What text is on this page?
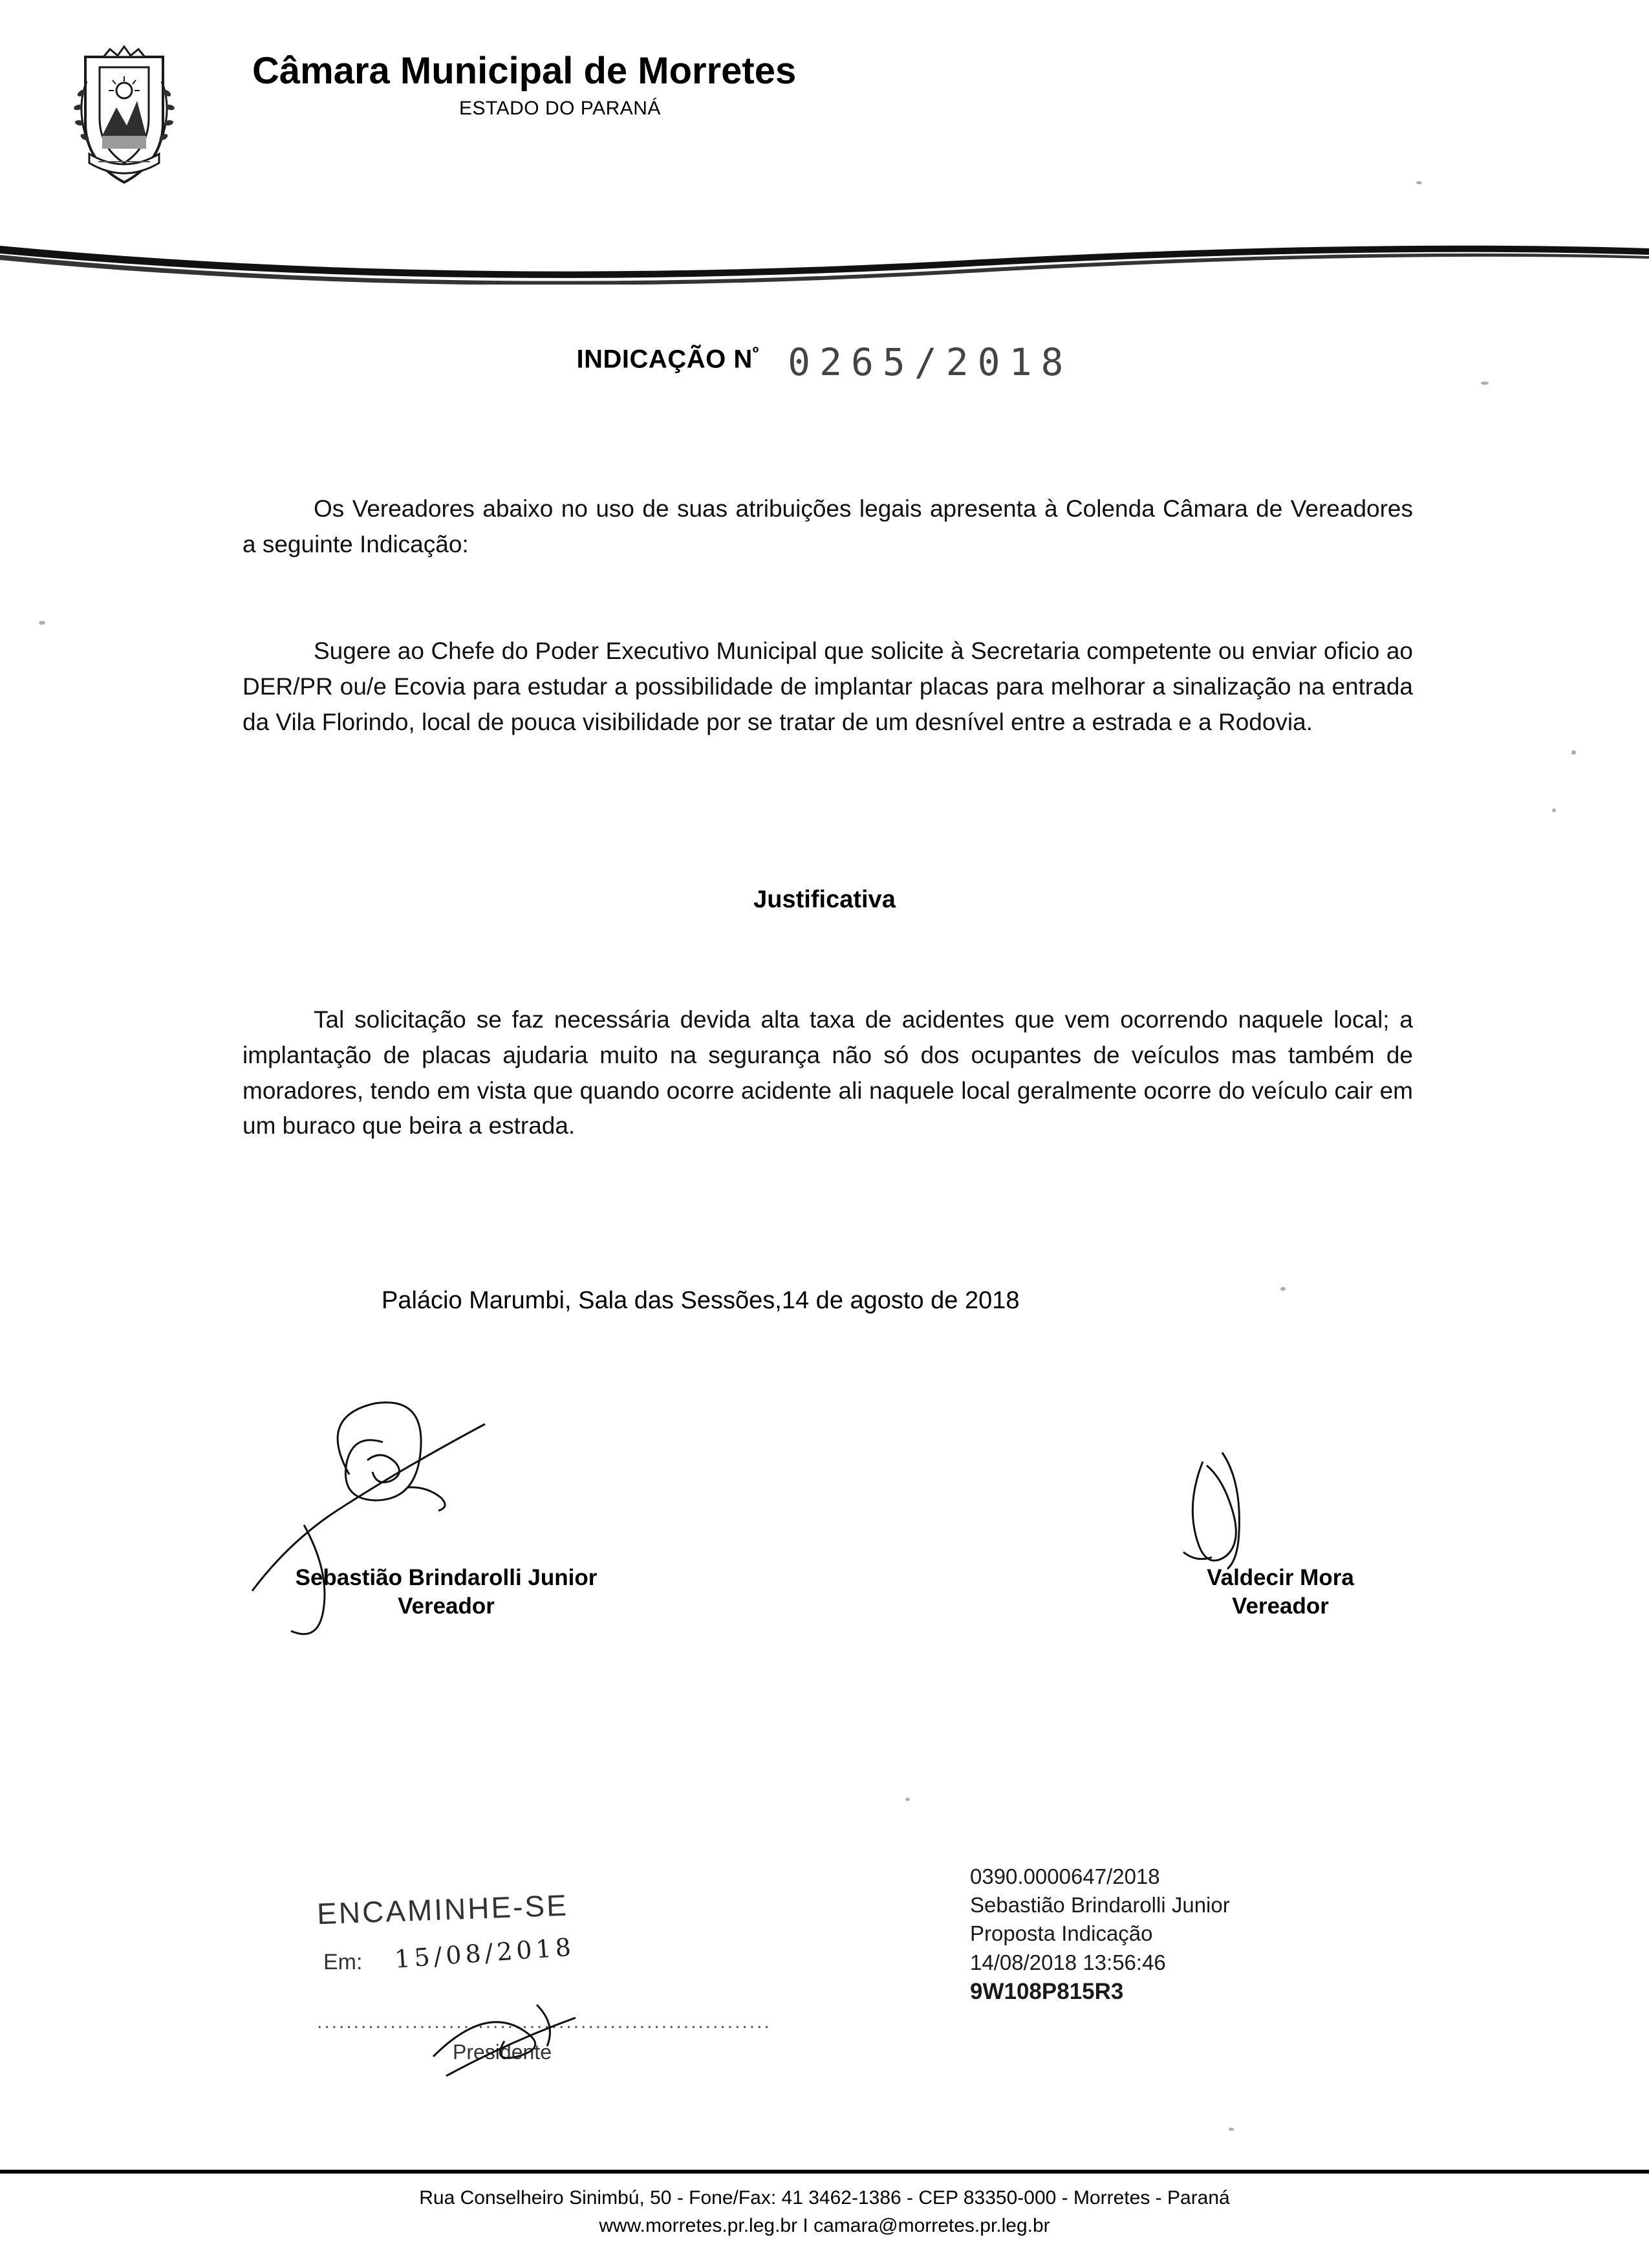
Câmara Municipal de Morretes
ESTADO DO PARANÁ
INDICAÇÃO $N^º$ 0265/2018
Os Vereadores abaixo no uso de suas atribuições legais apresenta à Colenda Câmara de Vereadores a seguinte Indicação:
Sugere ao Chefe do Poder Executivo Municipal que solicite à Secretaria competente ou enviar oficio ao DER/PR ou/e Ecovia para estudar a possibilidade de implantar placas para melhorar a sinalização na entrada da Vila Florindo, local de pouca visibilidade por se tratar de um desnível entre a estrada e a Rodovia.
Justificativa
Tal solicitação se faz necessária devida alta taxa de acidentes que vem ocorrendo naquele local; a implantação de placas ajudaria muito na segurança não só dos ocupantes de veículos mas também de moradores, tendo em vista que quando ocorre acidente ali naquele local geralmente ocorre do veículo cair em um buraco que beira a estrada.
Palácio Marumbi, Sala das Sessões,14 de agosto de 2018
Sebastião Brindarolli Junior
Vereador
Valdecir Mora
Vereador
ENCAMINHE-SE
Em: 15/08/2018
..............................................................
Presidente
0390.0000647/2018
Sebastião Brindarolli Junior
Proposta Indicação
14/08/2018 13:56:46
9W108P815R3
Rua Conselheiro Sinimbú, 50 - Fone/Fax: 41 3462-1386 - CEP 83350-000 - Morretes - Paraná
www.morretes.pr.leg.br I camara@morretes.pr.leg.br
